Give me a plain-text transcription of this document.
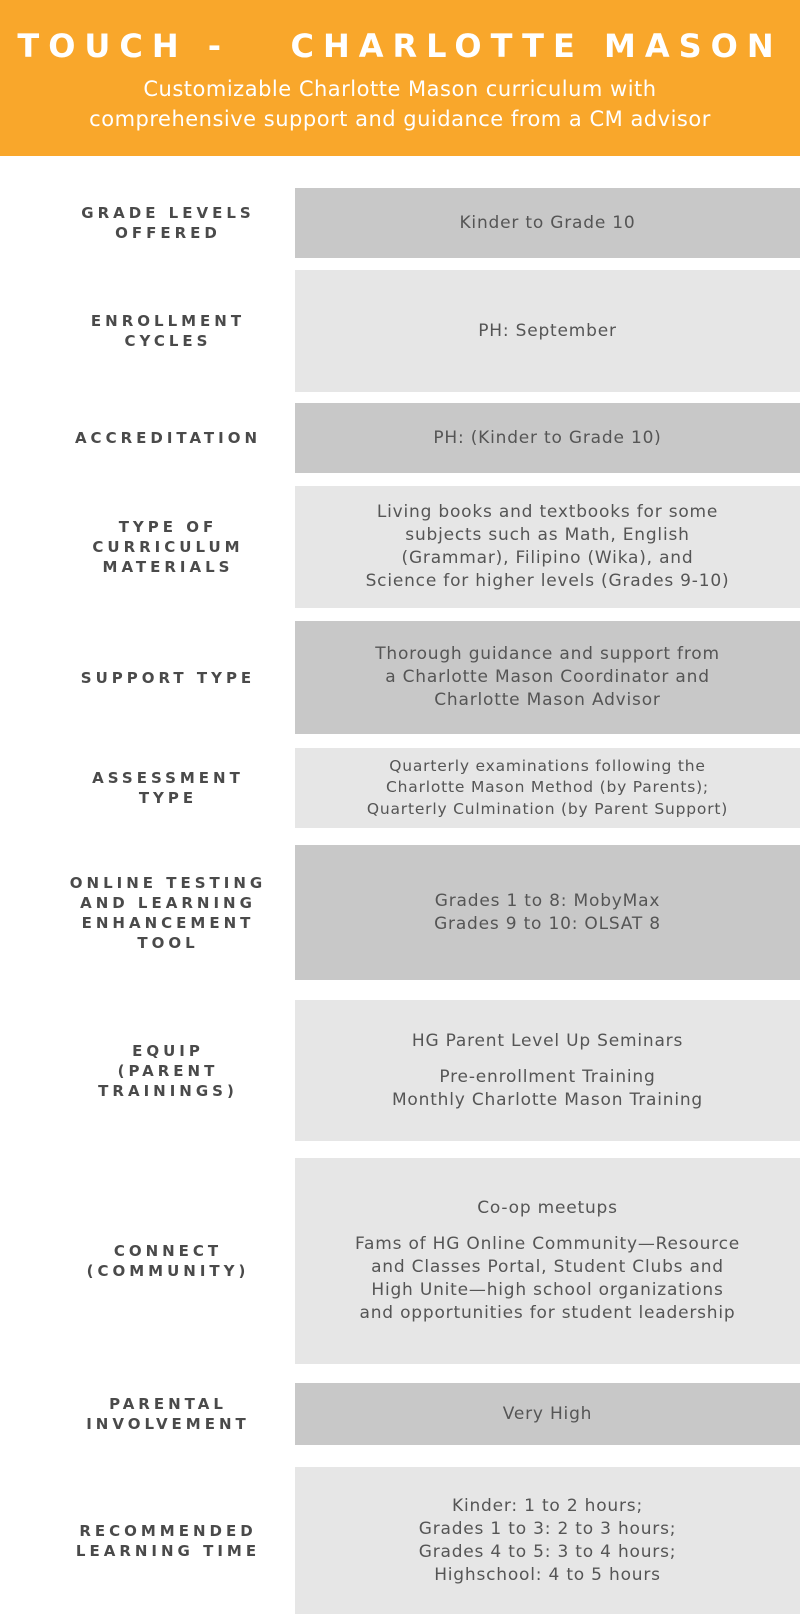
TOUCH -   CHARLOTTE MASON
Customizable Charlotte Mason curriculum with
comprehensive support and guidance from a CM advisor
GRADE LEVELS
OFFERED
Kinder to Grade 10
ENROLLMENT
CYCLES
PH: September
ACCREDITATION	PH: (Kinder to Grade 10)
TYPE OF
CURRICULUM
MATERIALS
Living books and textbooks for some
subjects such as Math, English
(Grammar), Filipino (Wika), and
Science for higher levels (Grades 9-10)
SUPPORT TYPE
Thorough guidance and support from
a Charlotte Mason Coordinator and
Charlotte Mason Advisor
ASSESSMENT
TYPE
Quarterly examinations following the
Charlotte Mason Method (by Parents);
Quarterly Culmination (by Parent Support)
ONLINE TESTING
AND LEARNING
ENHANCEMENT
TOOL
Grades 1 to 8: MobyMax
Grades 9 to 10: OLSAT 8
EQUIP
(PARENT
TRAININGS)
HG Parent Level Up Seminars
Pre-enrollment Training
Monthly Charlotte Mason Training
CONNECT
(COMMUNITY)
Co-op meetups
Fams of HG Online Community—Resource
and Classes Portal, Student Clubs and
High Unite—high school organizations
and opportunities for student leadership
PARENTAL
INVOLVEMENT
Very High
RECOMMENDED
LEARNING TIME
Kinder: 1 to 2 hours;
Grades 1 to 3: 2 to 3 hours;
Grades 4 to 5: 3 to 4 hours;
Highschool: 4 to 5 hours
